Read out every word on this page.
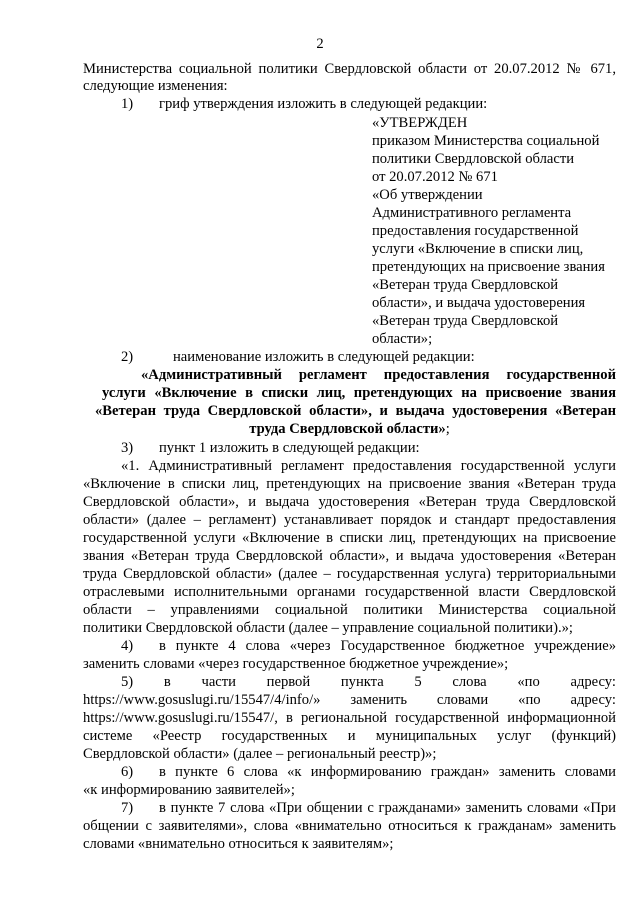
2
Министерства социальной политики Свердловской области от 20.07.2012 № 671,
следующие изменения:
1) гриф утверждения изложить в следующей редакции:
«УТВЕРЖДЕН
приказом Министерства социальной
политики Свердловской области
от 20.07.2012 № 671
«Об утверждении
Административного регламента
предоставления государственной
услуги «Включение в списки лиц,
претендующих на присвоение звания
«Ветеран труда Свердловской
области», и выдача удостоверения
«Ветеран труда Свердловской
области»;
2)	наименование изложить в следующей редакции:
«Административный регламент предоставления государственной
услуги «Включение в списки лиц, претендующих на присвоение звания
«Ветеран труда Свердловской области», и выдача удостоверения «Ветеран
труда Свердловской области»;
3) пункт 1 изложить в следующей редакции:
«1. Административный регламент предоставления государственной услуги
«Включение в списки лиц, претендующих на присвоение звания «Ветеран труда
Свердловской области», и выдача удостоверения «Ветеран труда Свердловской
области» (далее – регламент) устанавливает порядок и стандарт предоставления
государственной услуги «Включение в списки лиц, претендующих на присвоение
звания «Ветеран труда Свердловской области», и выдача удостоверения «Ветеран
труда Свердловской области» (далее – государственная услуга) территориальными
отраслевыми исполнительными органами государственной власти Свердловской
области – управлениями социальной политики Министерства социальной
политики Свердловской области (далее – управление социальной политики).»;
4) в пункте 4 слова «через Государственное бюджетное учреждение»
заменить словами «через государственное бюджетное учреждение»;
5) в части первой пункта 5 слова «по адресу:
https://www.gosuslugi.ru/15547/4/info/» заменить словами «по адресу:
https://www.gosuslugi.ru/15547/, в региональной государственной информационной
системе «Реестр государственных и муниципальных услуг (функций)
Свердловской области» (далее – региональный реестр)»;
6) в пункте 6 слова «к информированию граждан» заменить словами
«к информированию заявителей»;
7) в пункте 7 слова «При общении с гражданами» заменить словами «При
общении с заявителями», слова «внимательно относиться к гражданам» заменить
словами «внимательно относиться к заявителям»;
